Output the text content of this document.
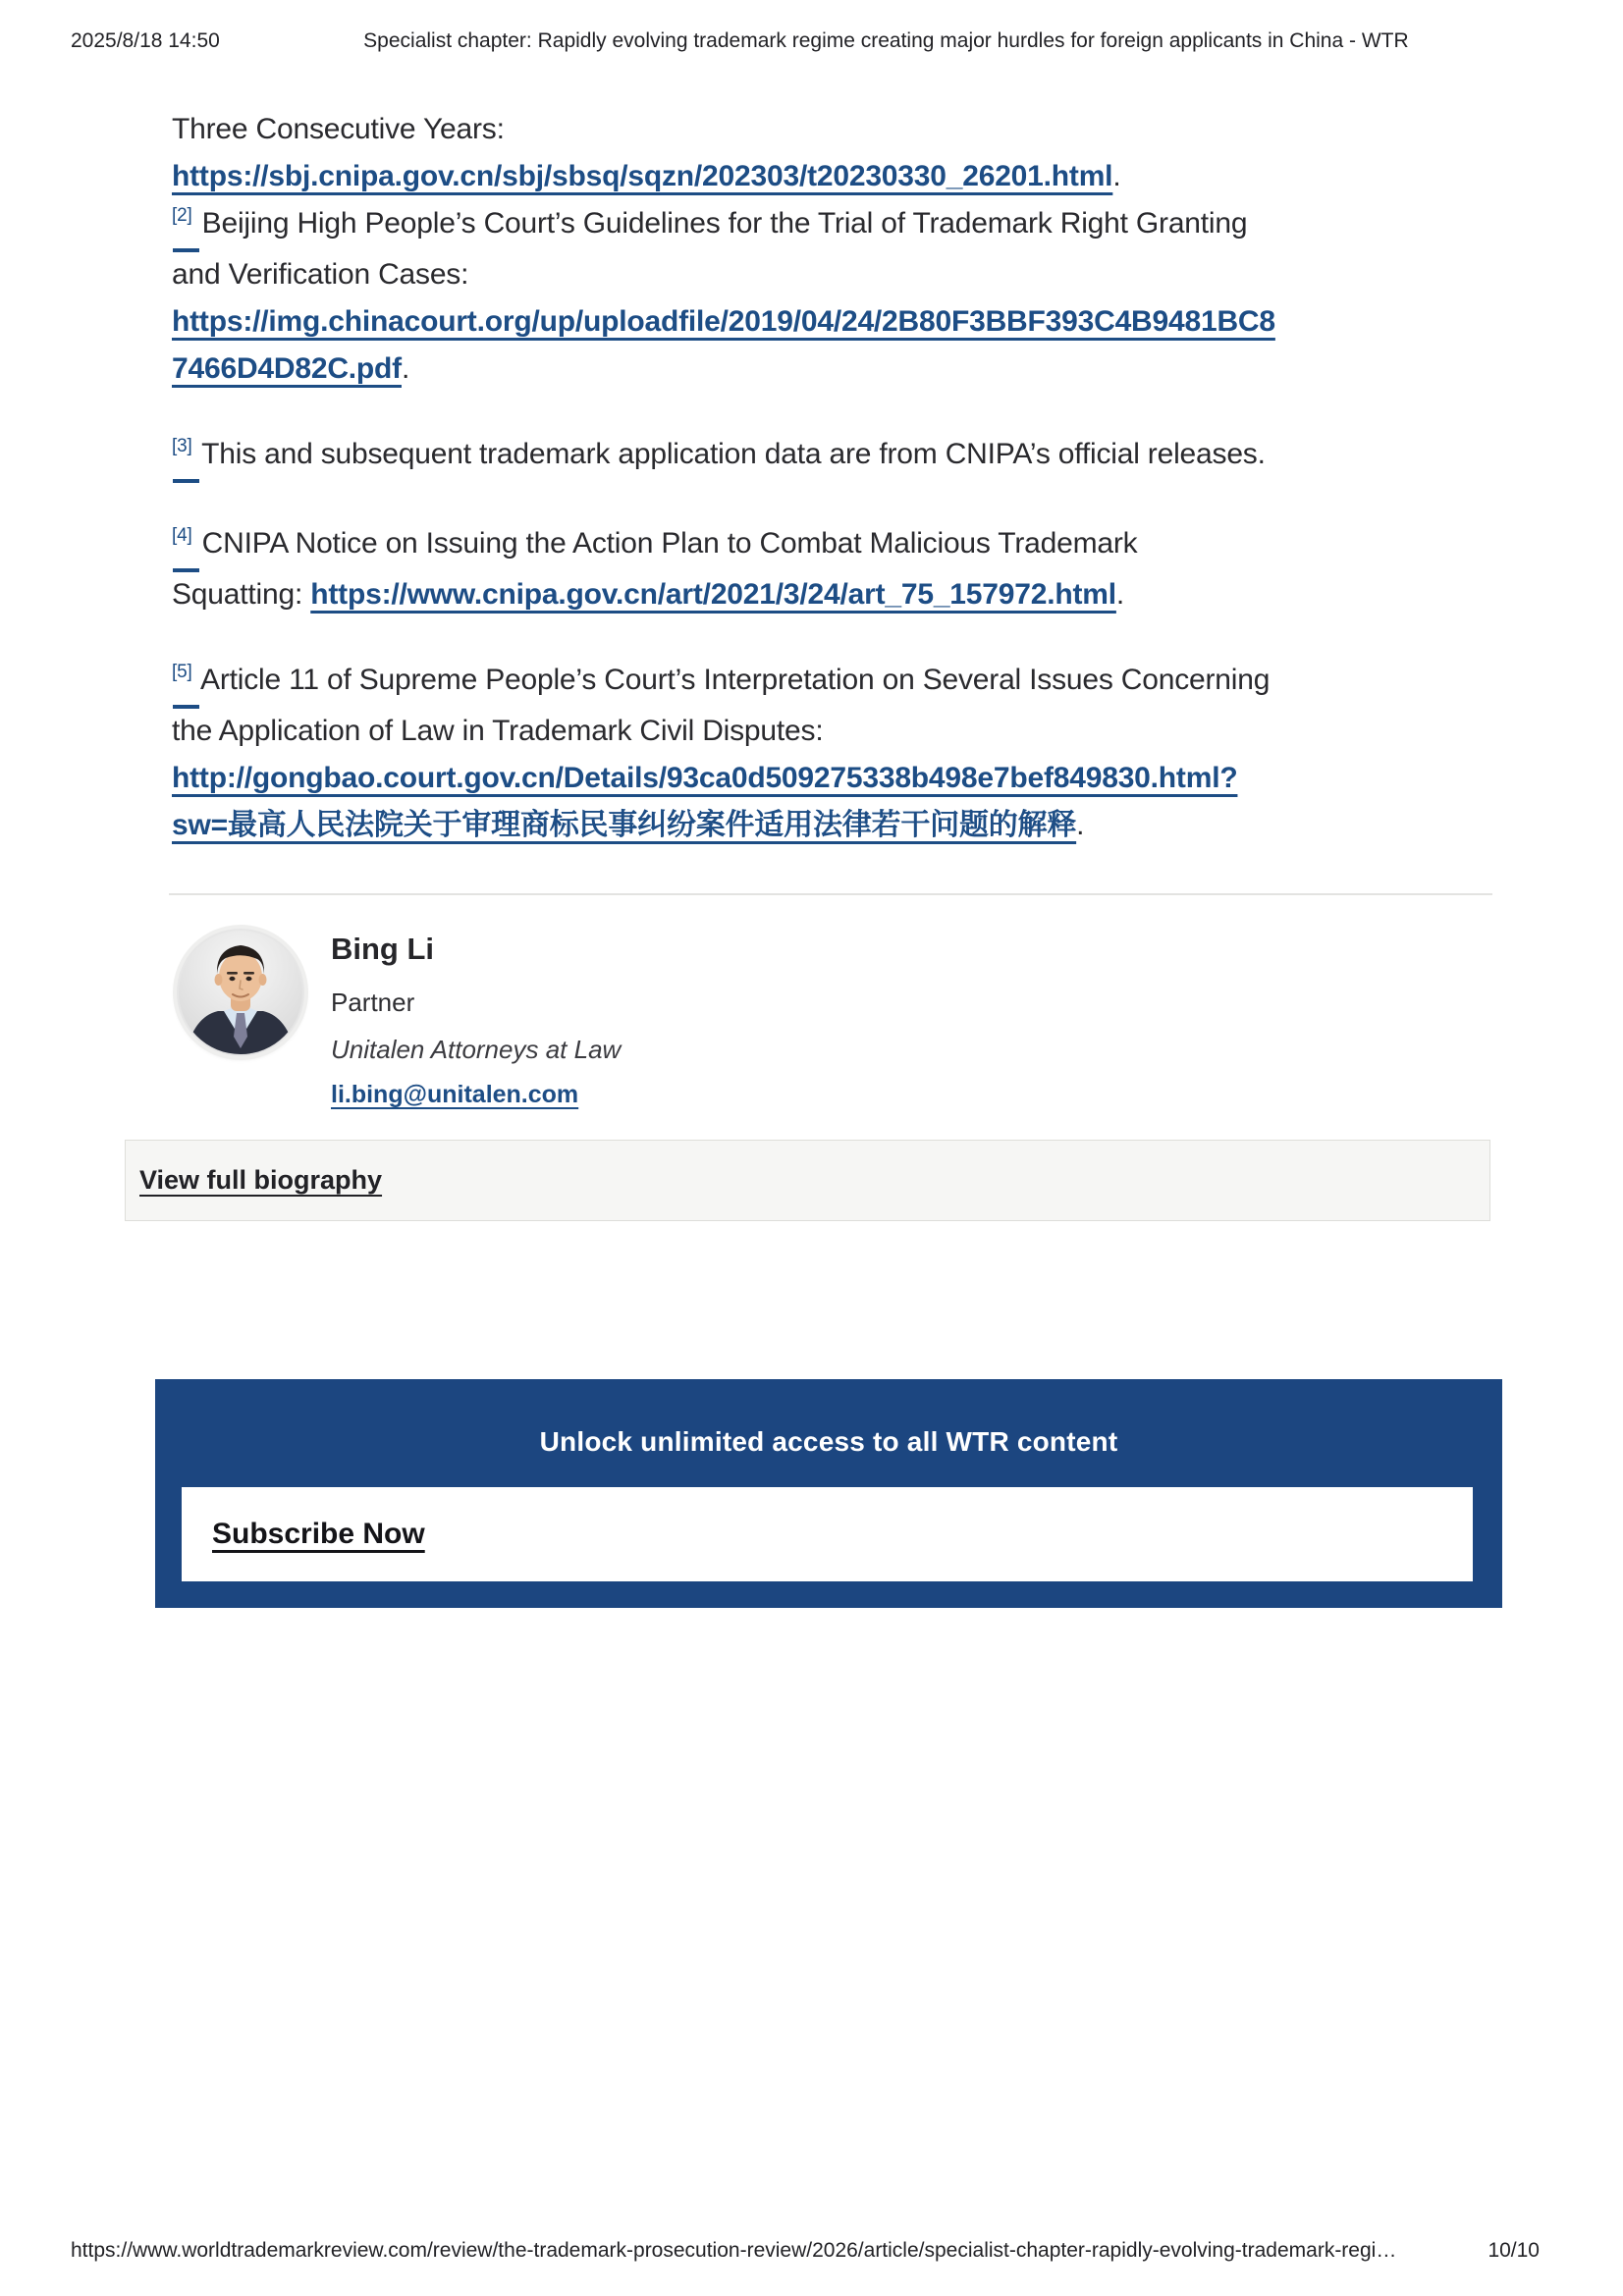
2025/8/18 14:50	Specialist chapter: Rapidly evolving trademark regime creating major hurdles for foreign applicants in China - WTR
Three Consecutive Years:
https://sbj.cnipa.gov.cn/sbj/sbsq/sqzn/202303/t20230330_26201.html.
[2] Beijing High People’s Court’s Guidelines for the Trial of Trademark Right Granting
and Verification Cases:
https://img.chinacourt.org/up/uploadfile/2019/04/24/2B80F3BBF393C4B9481BC8
7466D4D82C.pdf.
[3] This and subsequent trademark application data are from CNIPA’s official releases.
[4] CNIPA Notice on Issuing the Action Plan to Combat Malicious Trademark
Squatting: https://www.cnipa.gov.cn/art/2021/3/24/art_75_157972.html.
[5] Article 11 of Supreme People’s Court’s Interpretation on Several Issues Concerning
the Application of Law in Trademark Civil Disputes:
http://gongbao.court.gov.cn/Details/93ca0d509275338b498e7bef849830.html?
sw=最高人民法院关于审理商标民事纠纷案件适用法律若干问题的解释.
Bing Li
Partner
Unitalen Attorneys at Law
li.bing@unitalen.com
View full biography
Unlock unlimited access to all WTR content
Subscribe Now
https://www.worldtrademarkreview.com/review/the-trademark-prosecution-review/2026/article/specialist-chapter-rapidly-evolving-trademark-regi…	10/10
